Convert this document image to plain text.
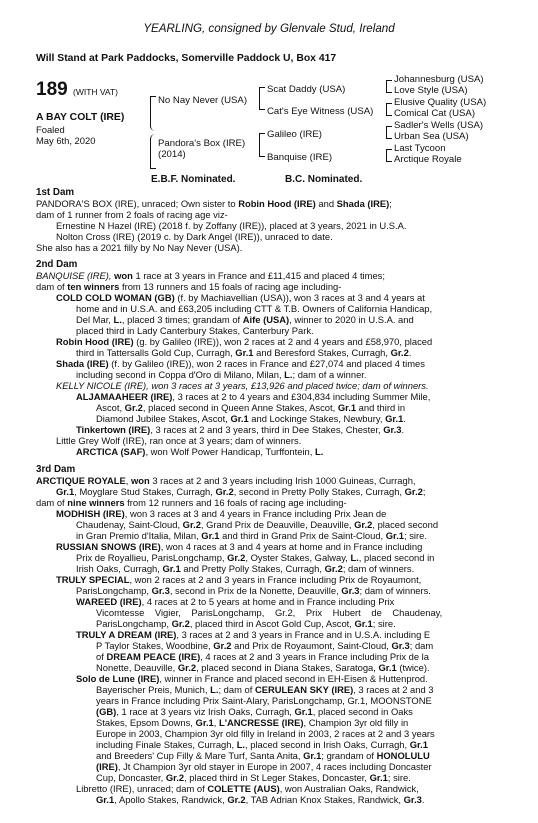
YEARLING, consigned by Glenvale Stud, Ireland
Will Stand at Park Paddocks, Somerville Paddock U, Box 417
189 (WITH VAT)
A BAY COLT (IRE)
Foaled
May 6th, 2020
No Nay Never (USA)
Pandora's Box (IRE)
(2014)
Scat Daddy (USA)
Cat's Eye Witness (USA)
Galileo (IRE)
Banquise (IRE)
Johannesburg (USA)
Love Style (USA)
Elusive Quality (USA)
Comical Cat (USA)
Sadler's Wells (USA)
Urban Sea (USA)
Last Tycoon
Arctique Royale
E.B.F. Nominated.	B.C. Nominated.
1st Dam
PANDORA'S BOX (IRE), unraced; Own sister to Robin Hood (IRE) and Shada (IRE);
dam of 1 runner from 2 foals of racing age viz-
Ernestine N Hazel (IRE) (2018 f. by Zoffany (IRE)), placed at 3 years, 2021 in U.S.A.
Nolton Cross (IRE) (2019 c. by Dark Angel (IRE)), unraced to date.
She also has a 2021 filly by No Nay Never (USA).
2nd Dam
BANQUISE (IRE), won 1 race at 3 years in France and £11,415 and placed 4 times;
dam of ten winners from 13 runners and 15 foals of racing age including-
COLD COLD WOMAN (GB) (f. by Machiavellian (USA)), won 3 races at 3 and 4 years at
home and in U.S.A. and £63,205 including CTT & T.B. Owners of California Handicap,
Del Mar, L., placed 3 times; grandam of Aife (USA), winner to 2020 in U.S.A. and
placed third in Lady Canterbury Stakes, Canterbury Park.
Robin Hood (IRE) (g. by Galileo (IRE)), won 2 races at 2 and 4 years and £58,970, placed
third in Tattersalls Gold Cup, Curragh, Gr.1 and Beresford Stakes, Curragh, Gr.2.
Shada (IRE) (f. by Galileo (IRE)), won 2 races in France and £27,074 and placed 4 times
including second in Coppa d'Oro di Milano, Milan, L.; dam of a winner.
KELLY NICOLE (IRE), won 3 races at 3 years, £13,926 and placed twice; dam of winners.
ALJAMAAHEER (IRE), 3 races at 2 to 4 years and £304,834 including Summer Mile,
Ascot, Gr.2, placed second in Queen Anne Stakes, Ascot, Gr.1 and third in
Diamond Jubilee Stakes, Ascot, Gr.1 and Lockinge Stakes, Newbury, Gr.1.
Tinkertown (IRE), 3 races at 2 and 3 years, third in Dee Stakes, Chester, Gr.3.
Little Grey Wolf (IRE), ran once at 3 years; dam of winners.
ARCTICA (SAF), won Wolf Power Handicap, Turffontein, L.
3rd Dam
ARCTIQUE ROYALE, won 3 races at 2 and 3 years including Irish 1000 Guineas, Curragh,
Gr.1, Moyglare Stud Stakes, Curragh, Gr.2, second in Pretty Polly Stakes, Curragh, Gr.2;
dam of nine winners from 12 runners and 16 foals of racing age including-
MODHISH (IRE), won 3 races at 3 and 4 years in France including Prix Jean de
Chaudenay, Saint-Cloud, Gr.2, Grand Prix de Deauville, Deauville, Gr.2, placed second
in Gran Premio d'Italia, Milan, Gr.1 and third in Grand Prix de Saint-Cloud, Gr.1; sire.
RUSSIAN SNOWS (IRE), won 4 races at 3 and 4 years at home and in France including
Prix de Royallieu, ParisLongchamp, Gr.2, Oyster Stakes, Galway, L., placed second in
Irish Oaks, Curragh, Gr.1 and Pretty Polly Stakes, Curragh, Gr.2; dam of winners.
TRULY SPECIAL, won 2 races at 2 and 3 years in France including Prix de Royaumont,
ParisLongchamp, Gr.3, second in Prix de la Nonette, Deauville, Gr.3; dam of winners.
WAREED (IRE), 4 races at 2 to 5 years at home and in France including Prix
Vicomtesse Vigier, ParisLongchamp, Gr.2, Prix Hubert de Chaudenay,
ParisLongchamp, Gr.2, placed third in Ascot Gold Cup, Ascot, Gr.1; sire.
TRULY A DREAM (IRE), 3 races at 2 and 3 years in France and in U.S.A. including E
P Taylor Stakes, Woodbine, Gr.2 and Prix de Royaumont, Saint-Cloud, Gr.3; dam
of DREAM PEACE (IRE), 4 races at 2 and 3 years in France including Prix de la
Nonette, Deauville, Gr.2, placed second in Diana Stakes, Saratoga, Gr.1 (twice).
Solo de Lune (IRE), winner in France and placed second in EH-Eisen & Huttenprod.
Bayerischer Preis, Munich, L.; dam of CERULEAN SKY (IRE), 3 races at 2 and 3
years in France including Prix Saint-Alary, ParisLongchamp, Gr.1, MOONSTONE
(GB), 1 race at 3 years viz Irish Oaks, Curragh, Gr.1, placed second in Oaks
Stakes, Epsom Downs, Gr.1, L'ANCRESSE (IRE), Champion 3yr old filly in
Europe in 2003, Champion 3yr old filly in Ireland in 2003, 2 races at 2 and 3 years
including Finale Stakes, Curragh, L., placed second in Irish Oaks, Curragh, Gr.1
and Breeders' Cup Filly & Mare Turf, Santa Anita, Gr.1; grandam of HONOLULU
(IRE), Jt Champion 3yr old stayer in Europe in 2007, 4 races including Doncaster
Cup, Doncaster, Gr.2, placed third in St Leger Stakes, Doncaster, Gr.1; sire.
Libretto (IRE), unraced; dam of COLETTE (AUS), won Australian Oaks, Randwick,
Gr.1, Apollo Stakes, Randwick, Gr.2, TAB Adrian Knox Stakes, Randwick, Gr.3.
